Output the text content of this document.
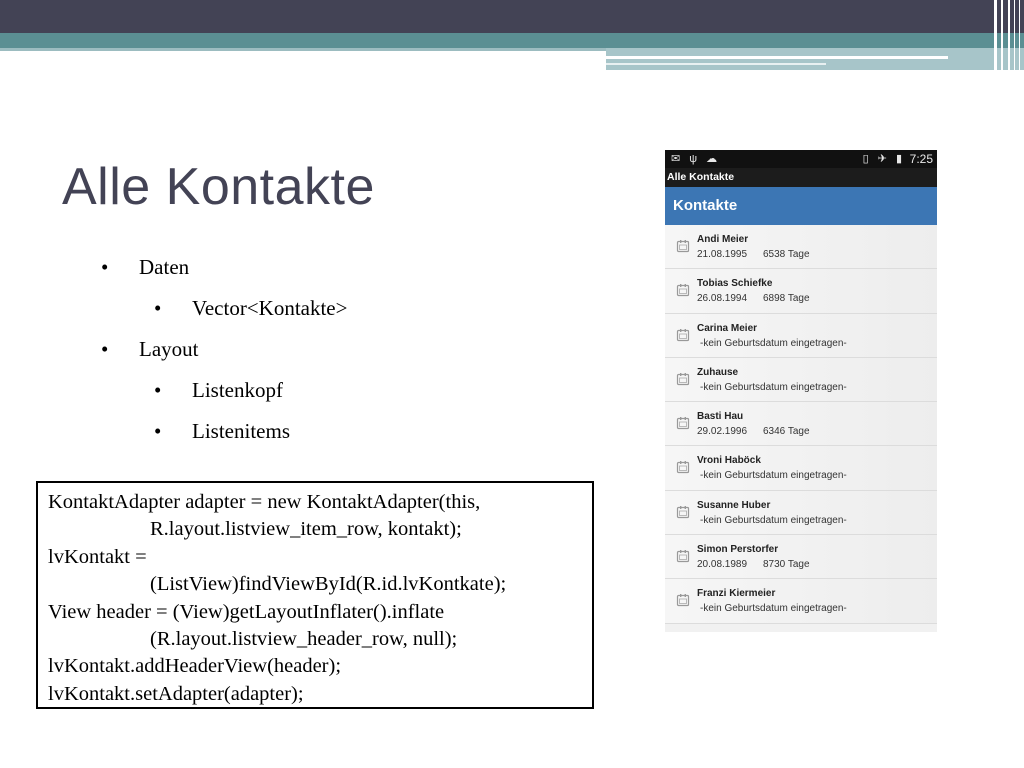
Alle Kontakte
•	Daten
•	Vector<Kontakte>
•	Layout
•	Listenkopf
•	Listenitems
KontaktAdapter adapter = new KontaktAdapter(this,
R.layout.listview_item_row, kontakt);
lvKontakt =
(ListView)findViewById(R.id.lvKontkate);
View header = (View)getLayoutInflater().inflate
(R.layout.listview_header_row, null);
lvKontakt.addHeaderView(header);
lvKontakt.setAdapter(adapter);
✉ ψ ☁	▯ ✈ ▮ 7:25
Alle Kontakte
Kontakte
Andi Meier
21.08.1995 6538 Tage
Tobias Schiefke
26.08.1994 6898 Tage
Carina Meier
-kein Geburtsdatum eingetragen-
Zuhause
-kein Geburtsdatum eingetragen-
Basti Hau
29.02.1996 6346 Tage
Vroni Haböck
-kein Geburtsdatum eingetragen-
Susanne Huber
-kein Geburtsdatum eingetragen-
Simon Perstorfer
20.08.1989 8730 Tage
Franzi Kiermeier
-kein Geburtsdatum eingetragen-
